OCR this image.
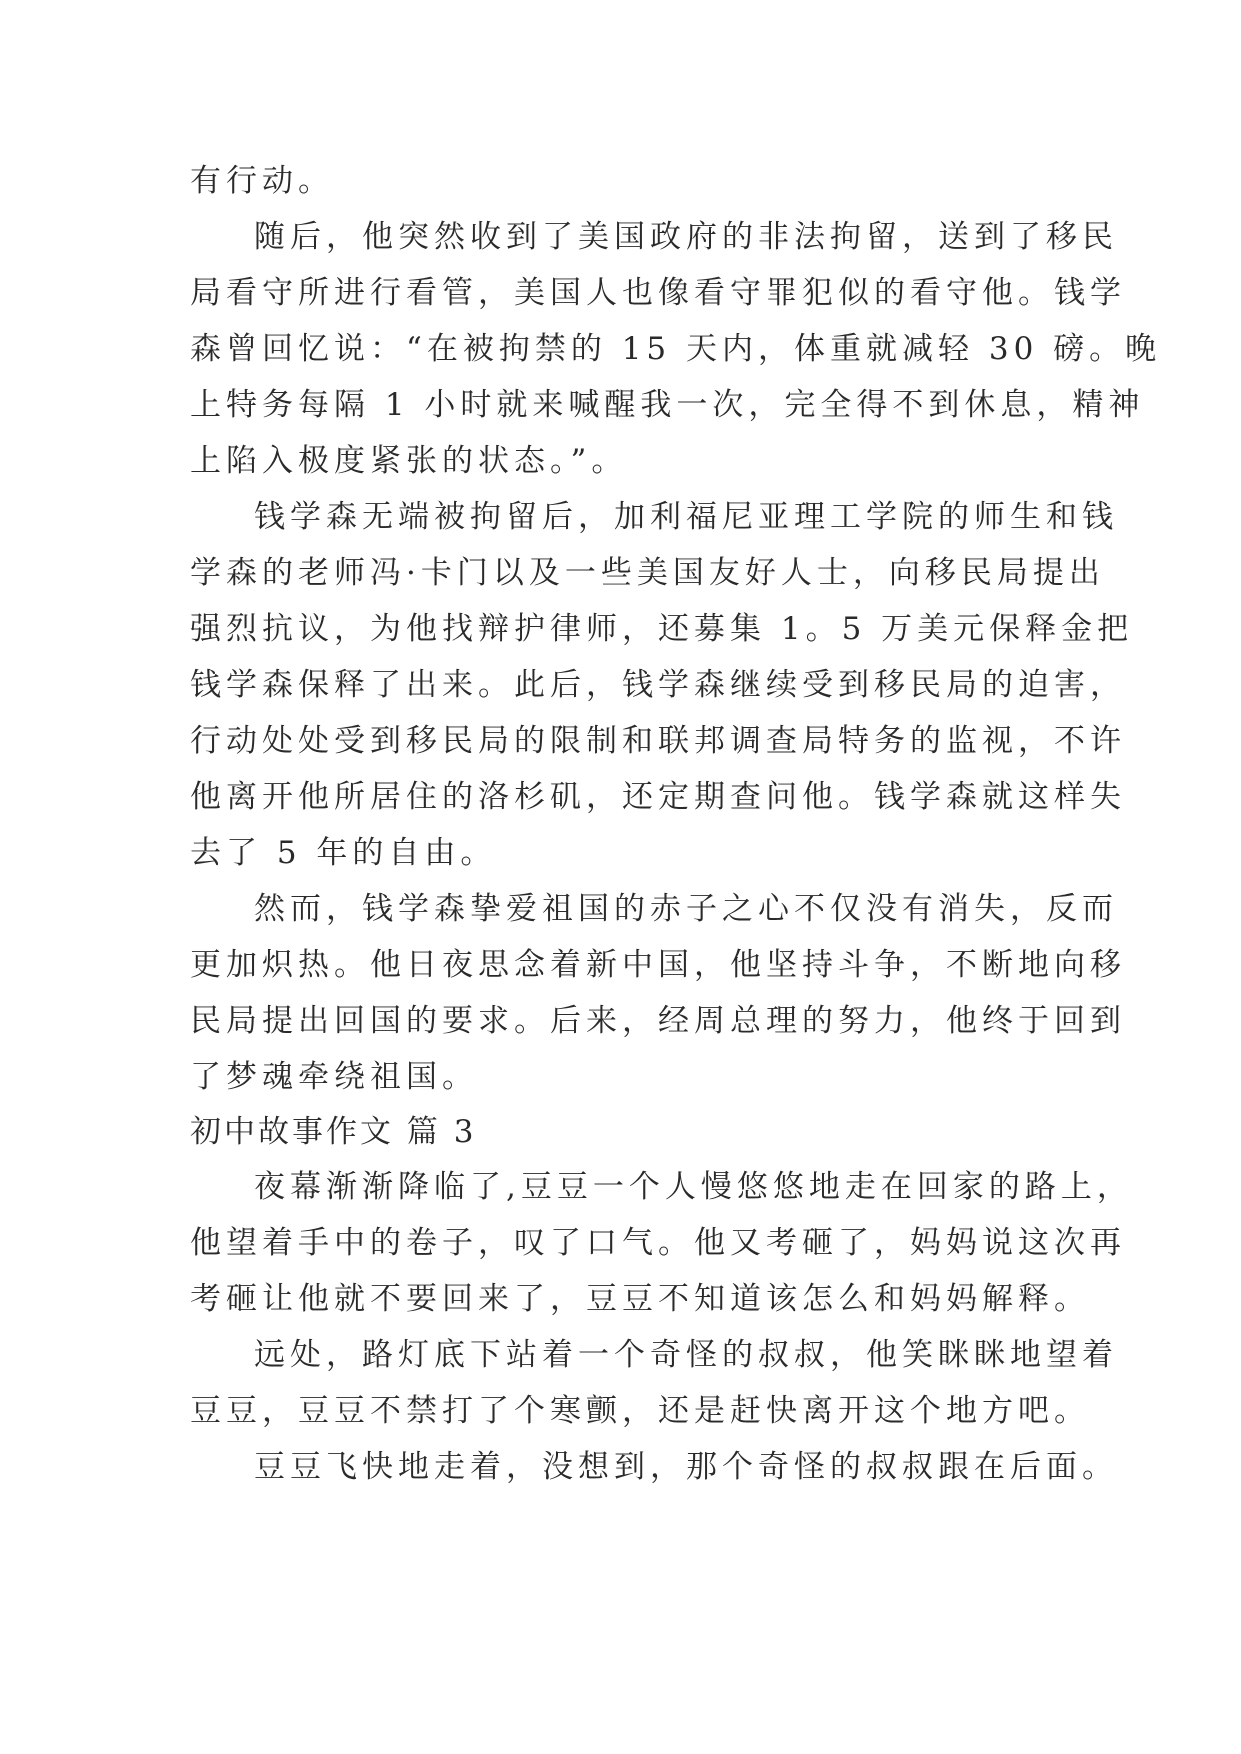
有行动。
随后，他突然收到了美国政府的非法拘留，送到了移民
局看守所进行看管，美国人也像看守罪犯似的看守他。钱学
森曾回忆说：“在被拘禁的 15 天内，体重就减轻 30 磅。晚
上特务每隔 1 小时就来喊醒我一次，完全得不到休息，精神
上陷入极度紧张的状态。”。
钱学森无端被拘留后，加利福尼亚理工学院的师生和钱
学森的老师冯·卡门以及一些美国友好人士，向移民局提出
强烈抗议，为他找辩护律师，还募集 1。5 万美元保释金把
钱学森保释了出来。此后，钱学森继续受到移民局的迫害，
行动处处受到移民局的限制和联邦调查局特务的监视，不许
他离开他所居住的洛杉矶，还定期查问他。钱学森就这样失
去了 5 年的自由。
然而，钱学森挚爱祖国的赤子之心不仅没有消失，反而
更加炽热。他日夜思念着新中国，他坚持斗争，不断地向移
民局提出回国的要求。后来，经周总理的努力，他终于回到
了梦魂牵绕祖国。
初中故事作文 篇 3
夜幕渐渐降临了,豆豆一个人慢悠悠地走在回家的路上，
他望着手中的卷子，叹了口气。他又考砸了，妈妈说这次再
考砸让他就不要回来了，豆豆不知道该怎么和妈妈解释。
远处，路灯底下站着一个奇怪的叔叔，他笑眯眯地望着
豆豆，豆豆不禁打了个寒颤，还是赶快离开这个地方吧。
豆豆飞快地走着，没想到，那个奇怪的叔叔跟在后面。
